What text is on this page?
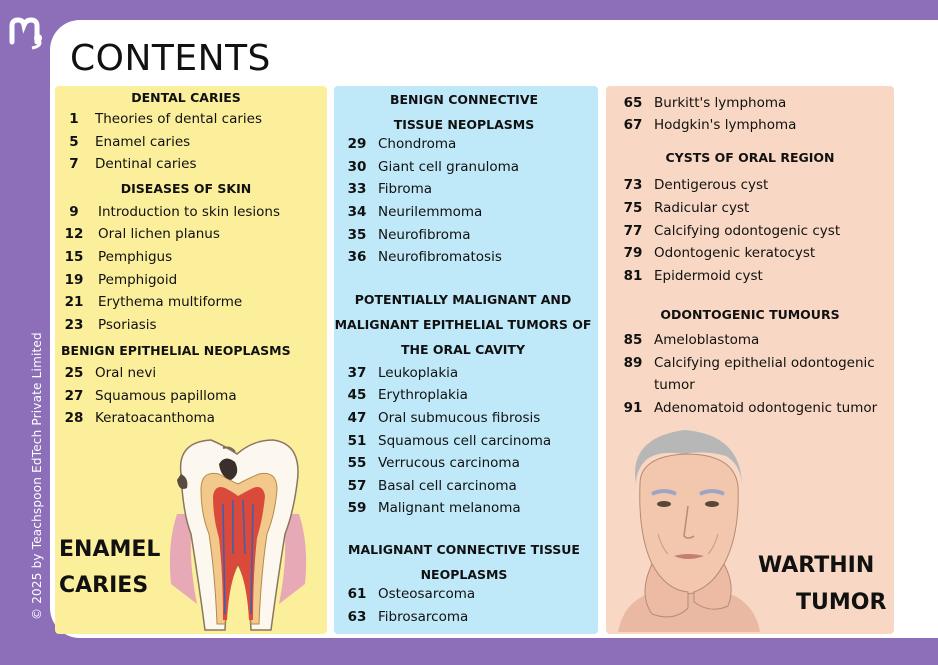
© 2025 by Teachspoon EdTech Private Limited
CONTENTS
DENTAL CARIES
1	Theories of dental caries
5	Enamel caries
7	Dentinal caries
DISEASES OF SKIN
9	Introduction to skin lesions
12	Oral lichen planus
15	Pemphigus
19	Pemphigoid
21	Erythema multiforme
23	Psoriasis
BENIGN EPITHELIAL NEOPLASMS
25 Oral nevi
27 Squamous papilloma
28 Keratoacanthoma
ENAMEL
CARIES
BENIGN CONNECTIVE
TISSUE NEOPLASMS
29 Chondroma
30 Giant cell granuloma
33 Fibroma
34 Neurilemmoma
35 Neurofibroma
36 Neurofibromatosis
POTENTIALLY MALIGNANT AND
MALIGNANT EPITHELIAL TUMORS OF
THE ORAL CAVITY
37 Leukoplakia
45 Erythroplakia
47 Oral submucous fibrosis
51 Squamous cell carcinoma
55 Verrucous carcinoma
57 Basal cell carcinoma
59 Malignant melanoma
MALIGNANT CONNECTIVE TISSUE
NEOPLASMS
61 Osteosarcoma
63 Fibrosarcoma
65 Burkitt's lymphoma
67 Hodgkin's lymphoma
CYSTS OF ORAL REGION
73 Dentigerous cyst
75 Radicular cyst
77 Calcifying odontogenic cyst
79 Odontogenic keratocyst
81 Epidermoid cyst
ODONTOGENIC TUMOURS
85 Ameloblastoma
89 Calcifying epithelial odontogenic
tumor
91 Adenomatoid odontogenic tumor
WARTHIN
TUMOR
